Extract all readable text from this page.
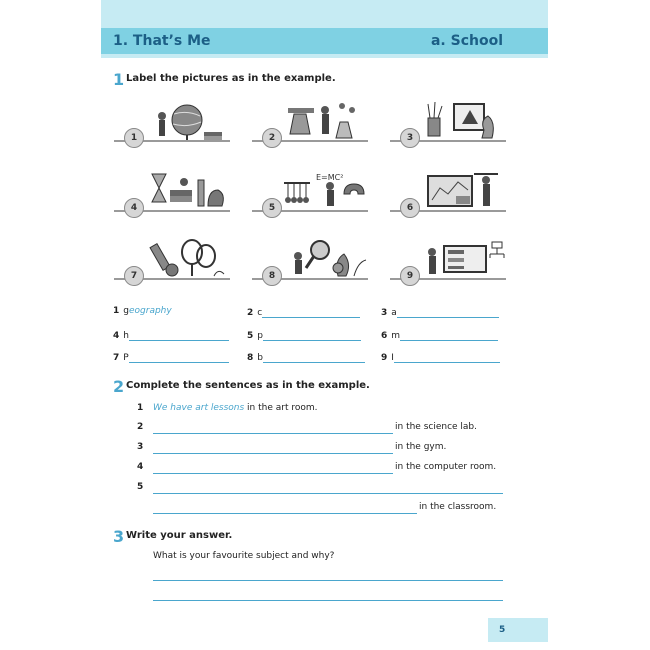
1. That’s Me	a. School
1 Label the pictures as in the example.
1	2	3
4
E=MC²
5	6
7	8	9
1 geography	2 c	3 a
4 h	5 p	6 m
7 P	8 b	9 I
2 Complete the sentences as in the example.
1 We have art lessons in the art room.
2	in the science lab.
3	in the gym.
4	in the computer room.
5
in the classroom.
3 Write your answer.
What is your favourite subject and why?
5
